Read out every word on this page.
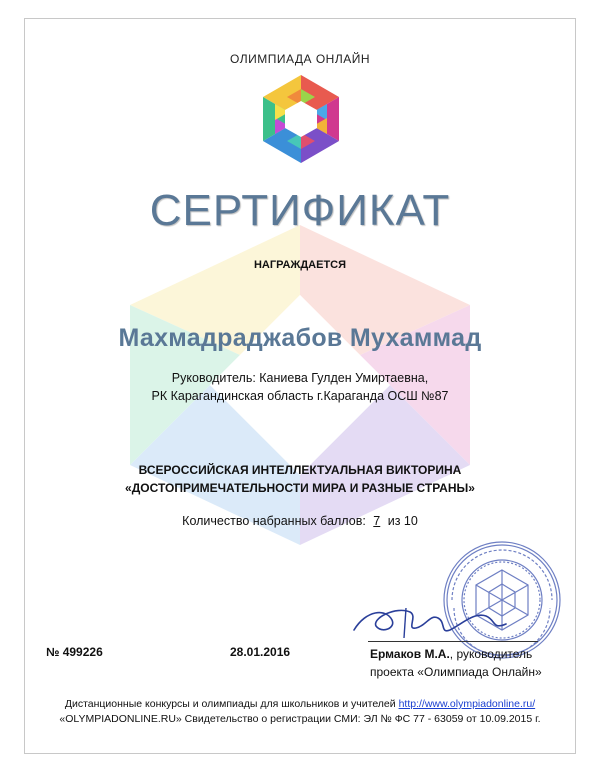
ОЛИМПИАДА ОНЛАЙН
СЕРТИФИКАТ
НАГРАЖДАЕТСЯ
Махмадраджабов Мухаммад
Руководитель: Каниева Гулден Умиртаевна,
РК Карагандинская область г.Караганда ОСШ №87
ВСЕРОССИЙСКАЯ ИНТЕЛЛЕКТУАЛЬНАЯ ВИКТОРИНА
«ДОСТОПРИМЕЧАТЕЛЬНОСТИ МИРА И РАЗНЫЕ СТРАНЫ»
Количество набранных баллов: 7 из 10
№ 499226	28.01.2016	Ермаков М.А., руководитель
проекта «Олимпиада Онлайн»
Дистанционные конкурсы и олимпиады для школьников и учителей http://www.olympiadonline.ru/
«OLYMPIADONLINE.RU» Свидетельство о регистрации СМИ: ЭЛ № ФС 77 - 63059 от 10.09.2015 г.
